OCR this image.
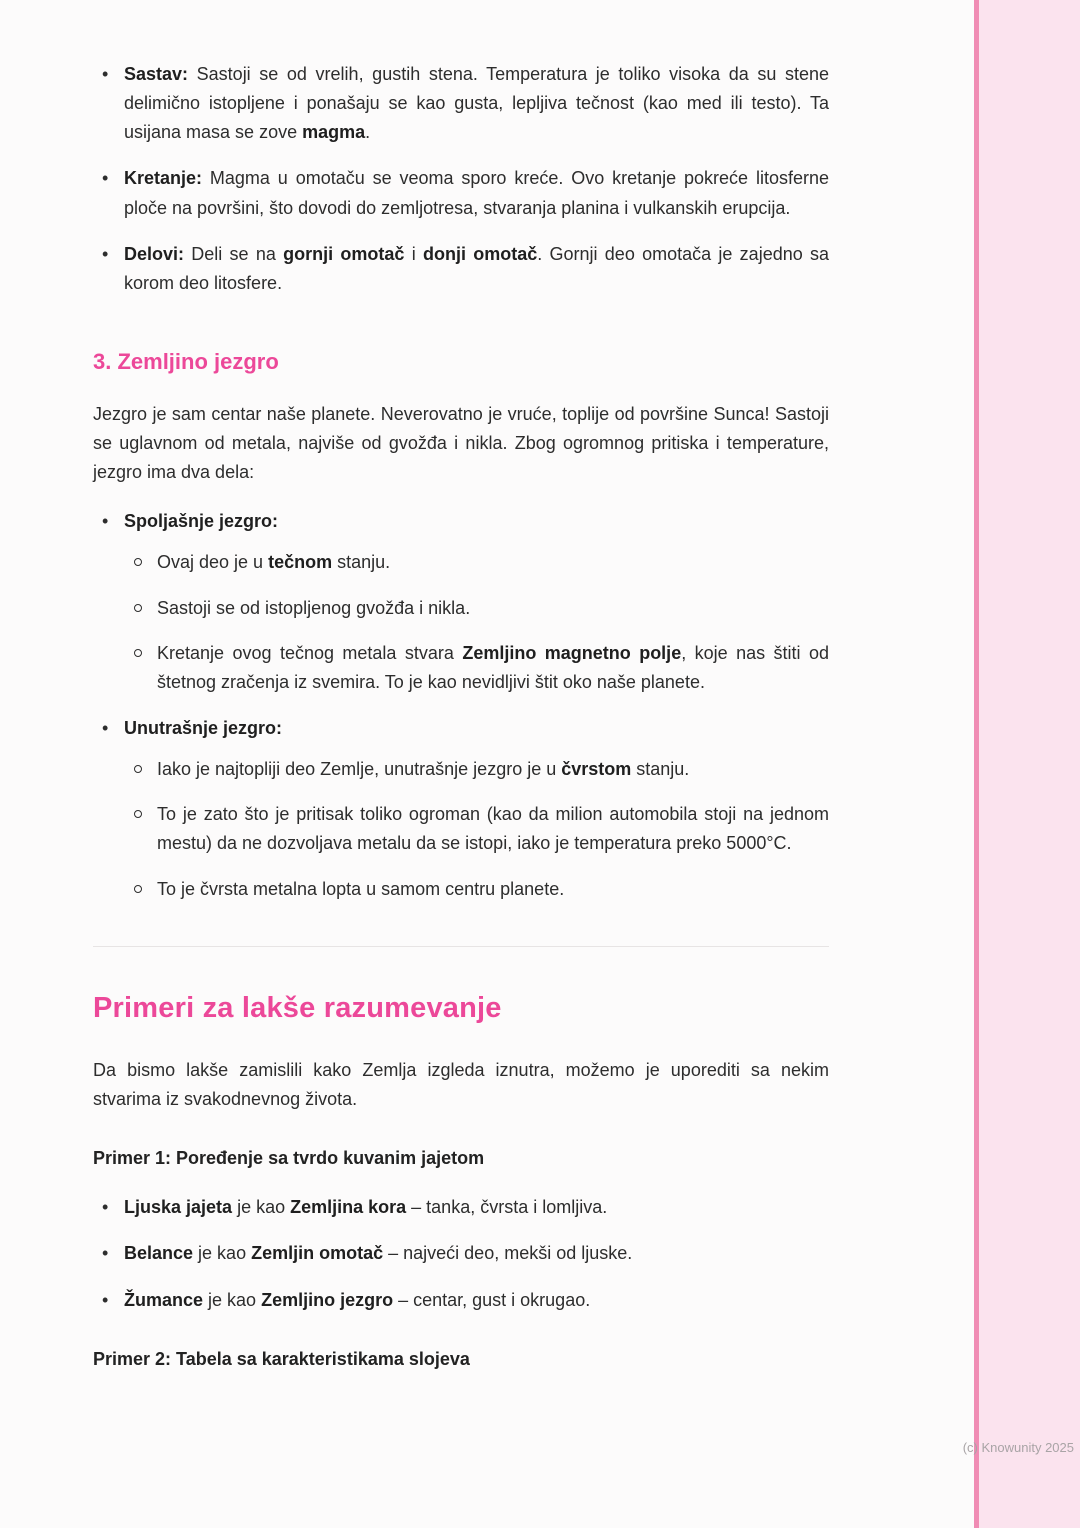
• Sastav: Sastoji se od vrelih, gustih stena. Temperatura je toliko visoka da su stene delimično istopljene i ponašaju se kao gusta, lepljiva tečnost (kao med ili testo). Ta usijana masa se zove magma.
• Kretanje: Magma u omotaču se veoma sporo kreće. Ovo kretanje pokreće litosferne ploče na površini, što dovodi do zemljotresa, stvaranja planina i vulkanskih erupcija.
• Delovi: Deli se na gornji omotač i donji omotač. Gornji deo omotača je zajedno sa korom deo litosfere.
3. Zemljino jezgro

Jezgro je sam centar naše planete. Neverovatno je vruće, toplije od površine Sunca! Sastoji se uglavnom od metala, najviše od gvožđa i nikla. Zbog ogromnog pritiska i temperature, jezgro ima dva dela:

• Spoljašnje jezgro:
Ovaj deo je u tečnom stanju.
Sastoji se od istopljenog gvožđa i nikla.
Kretanje ovog tečnog metala stvara Zemljino magnetno polje, koje nas štiti od štetnog zračenja iz svemira. To je kao nevidljivi štit oko naše planete.
• Unutrašnje jezgro:
Iako je najtopliji deo Zemlje, unutrašnje jezgro je u čvrstom stanju.
To je zato što je pritisak toliko ogroman (kao da milion automobila stoji na jednom mestu) da ne dozvoljava metalu da se istopi, iako je temperatura preko 5000°C.
To je čvrsta metalna lopta u samom centru planete.
Primeri za lakše razumevanje

Da bismo lakše zamislili kako Zemlja izgleda iznutra, možemo je uporediti sa nekim stvarima iz svakodnevnog života.

Primer 1: Poređenje sa tvrdo kuvanim jajetom
• Ljuska jajeta je kao Zemljina kora – tanka, čvrsta i lomljiva.
• Belance je kao Zemljin omotač – najveći deo, mekši od ljuske.
• Žumance je kao Zemljino jezgro – centar, gust i okrugao.
Primer 2: Tabela sa karakteristikama slojeva
(c) Knowunity 2025
